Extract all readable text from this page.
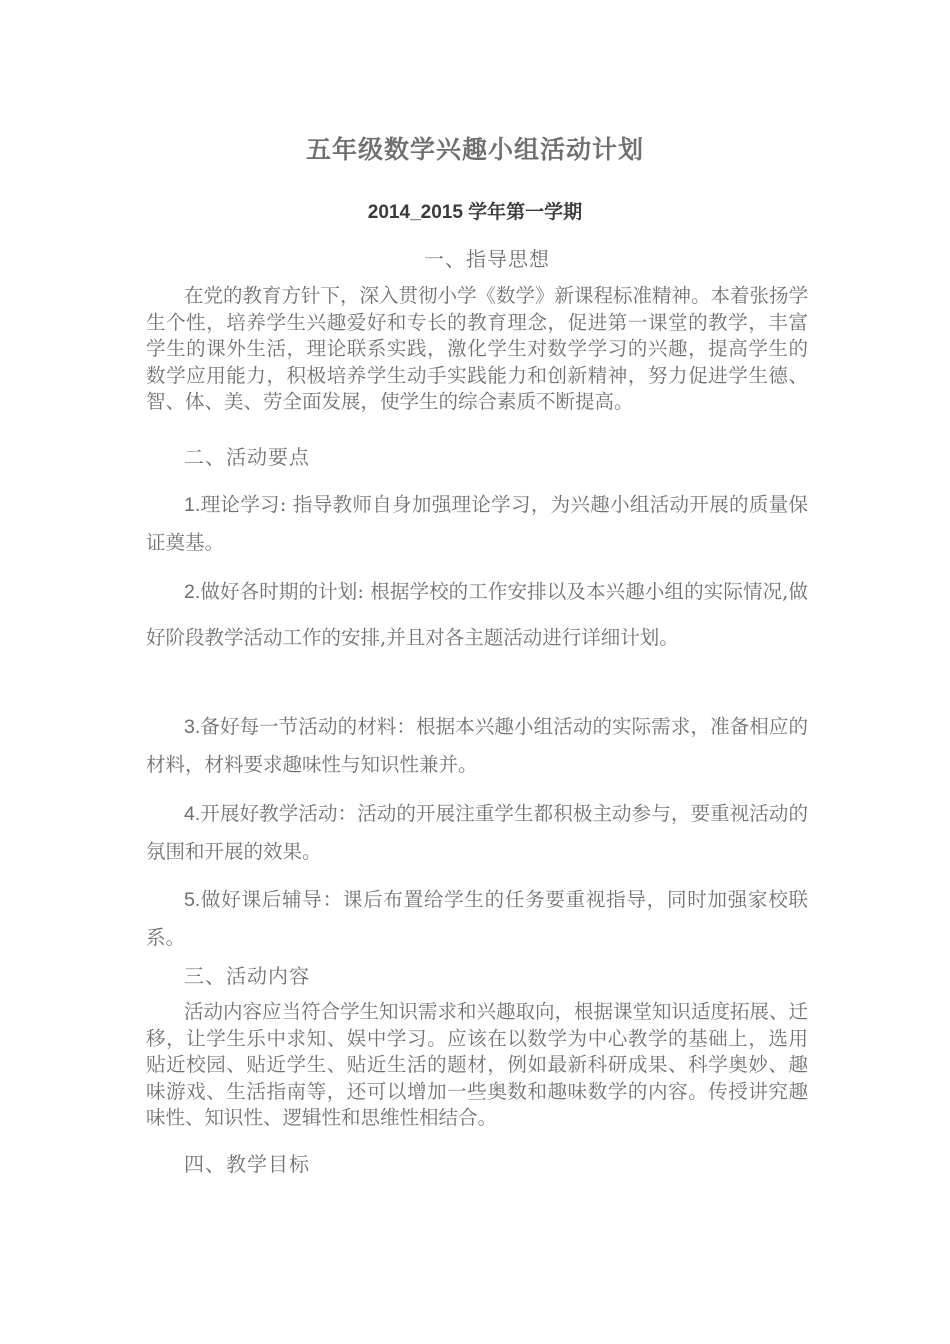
五年级数学兴趣小组活动计划
2014_2015 学年第一学期
一、指导思想

在党的教育方针下，深入贯彻小学《数学》新课程标准精神。本着张扬学生个性，培养学生兴趣爱好和专长的教育理念，促进第一课堂的教学，丰富学生的课外生活，理论联系实践，激化学生对数学学习的兴趣，提高学生的数学应用能力，积极培养学生动手实践能力和创新精神，努力促进学生德、智、体、美、劳全面发展，使学生的综合素质不断提高。

二、活动要点

1.理论学习: 指导教师自身加强理论学习，为兴趣小组活动开展的质量保证奠基。

2.做好各时期的计划: 根据学校的工作安排以及本兴趣小组的实际情况,做好阶段教学活动工作的安排,并且对各主题活动进行详细计划。

3.备好每一节活动的材料：根据本兴趣小组活动的实际需求，准备相应的材料，材料要求趣味性与知识性兼并。

4.开展好教学活动：活动的开展注重学生都积极主动参与，要重视活动的氛围和开展的效果。

5.做好课后辅导：课后布置给学生的任务要重视指导，同时加强家校联系。

三、活动内容

活动内容应当符合学生知识需求和兴趣取向，根据课堂知识适度拓展、迁移，让学生乐中求知、娱中学习。应该在以数学为中心教学的基础上，选用贴近校园、贴近学生、贴近生活的题材，例如最新科研成果、科学奥妙、趣味游戏、生活指南等，还可以增加一些奥数和趣味数学的内容。传授讲究趣味性、知识性、逻辑性和思维性相结合。

四、教学目标
